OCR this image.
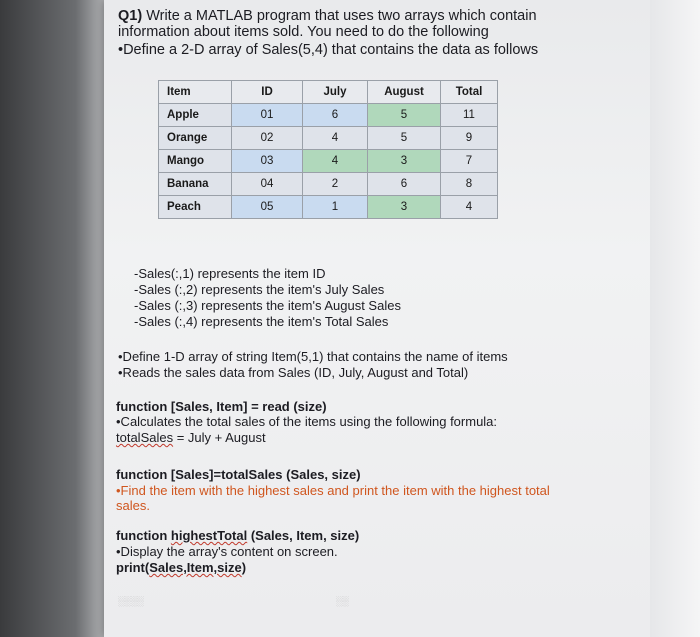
Q1) Write a MATLAB program that uses two arrays which contain information about items sold. You need to do the following
•Define a 2-D array of Sales(5,4) that contains the data as follows
Item	ID	July	August	Total
Apple	01	6	5	11
Orange	02	4	5	9
Mango	03	4	3	7
Banana	04	2	6	8
Peach	05	1	3	4
-Sales(:,1) represents the item ID
-Sales (:,2) represents the item's July Sales
-Sales (:,3) represents the item's August Sales
-Sales (:,4) represents the item's Total Sales
•Define 1-D array of string Item(5,1) that contains the name of items
•Reads the sales data from Sales (ID, July, August and Total)
function [Sales, Item] = read (size)
•Calculates the total sales of the items using the following formula:
totalSales = July + August
function [Sales]=totalSales (Sales, size)
•Find the item with the highest sales and print the item with the highest total sales.
function highestTotal (Sales, Item, size)
•Display the array's content on screen.
print(Sales,Item,size)
░░░░	░░
